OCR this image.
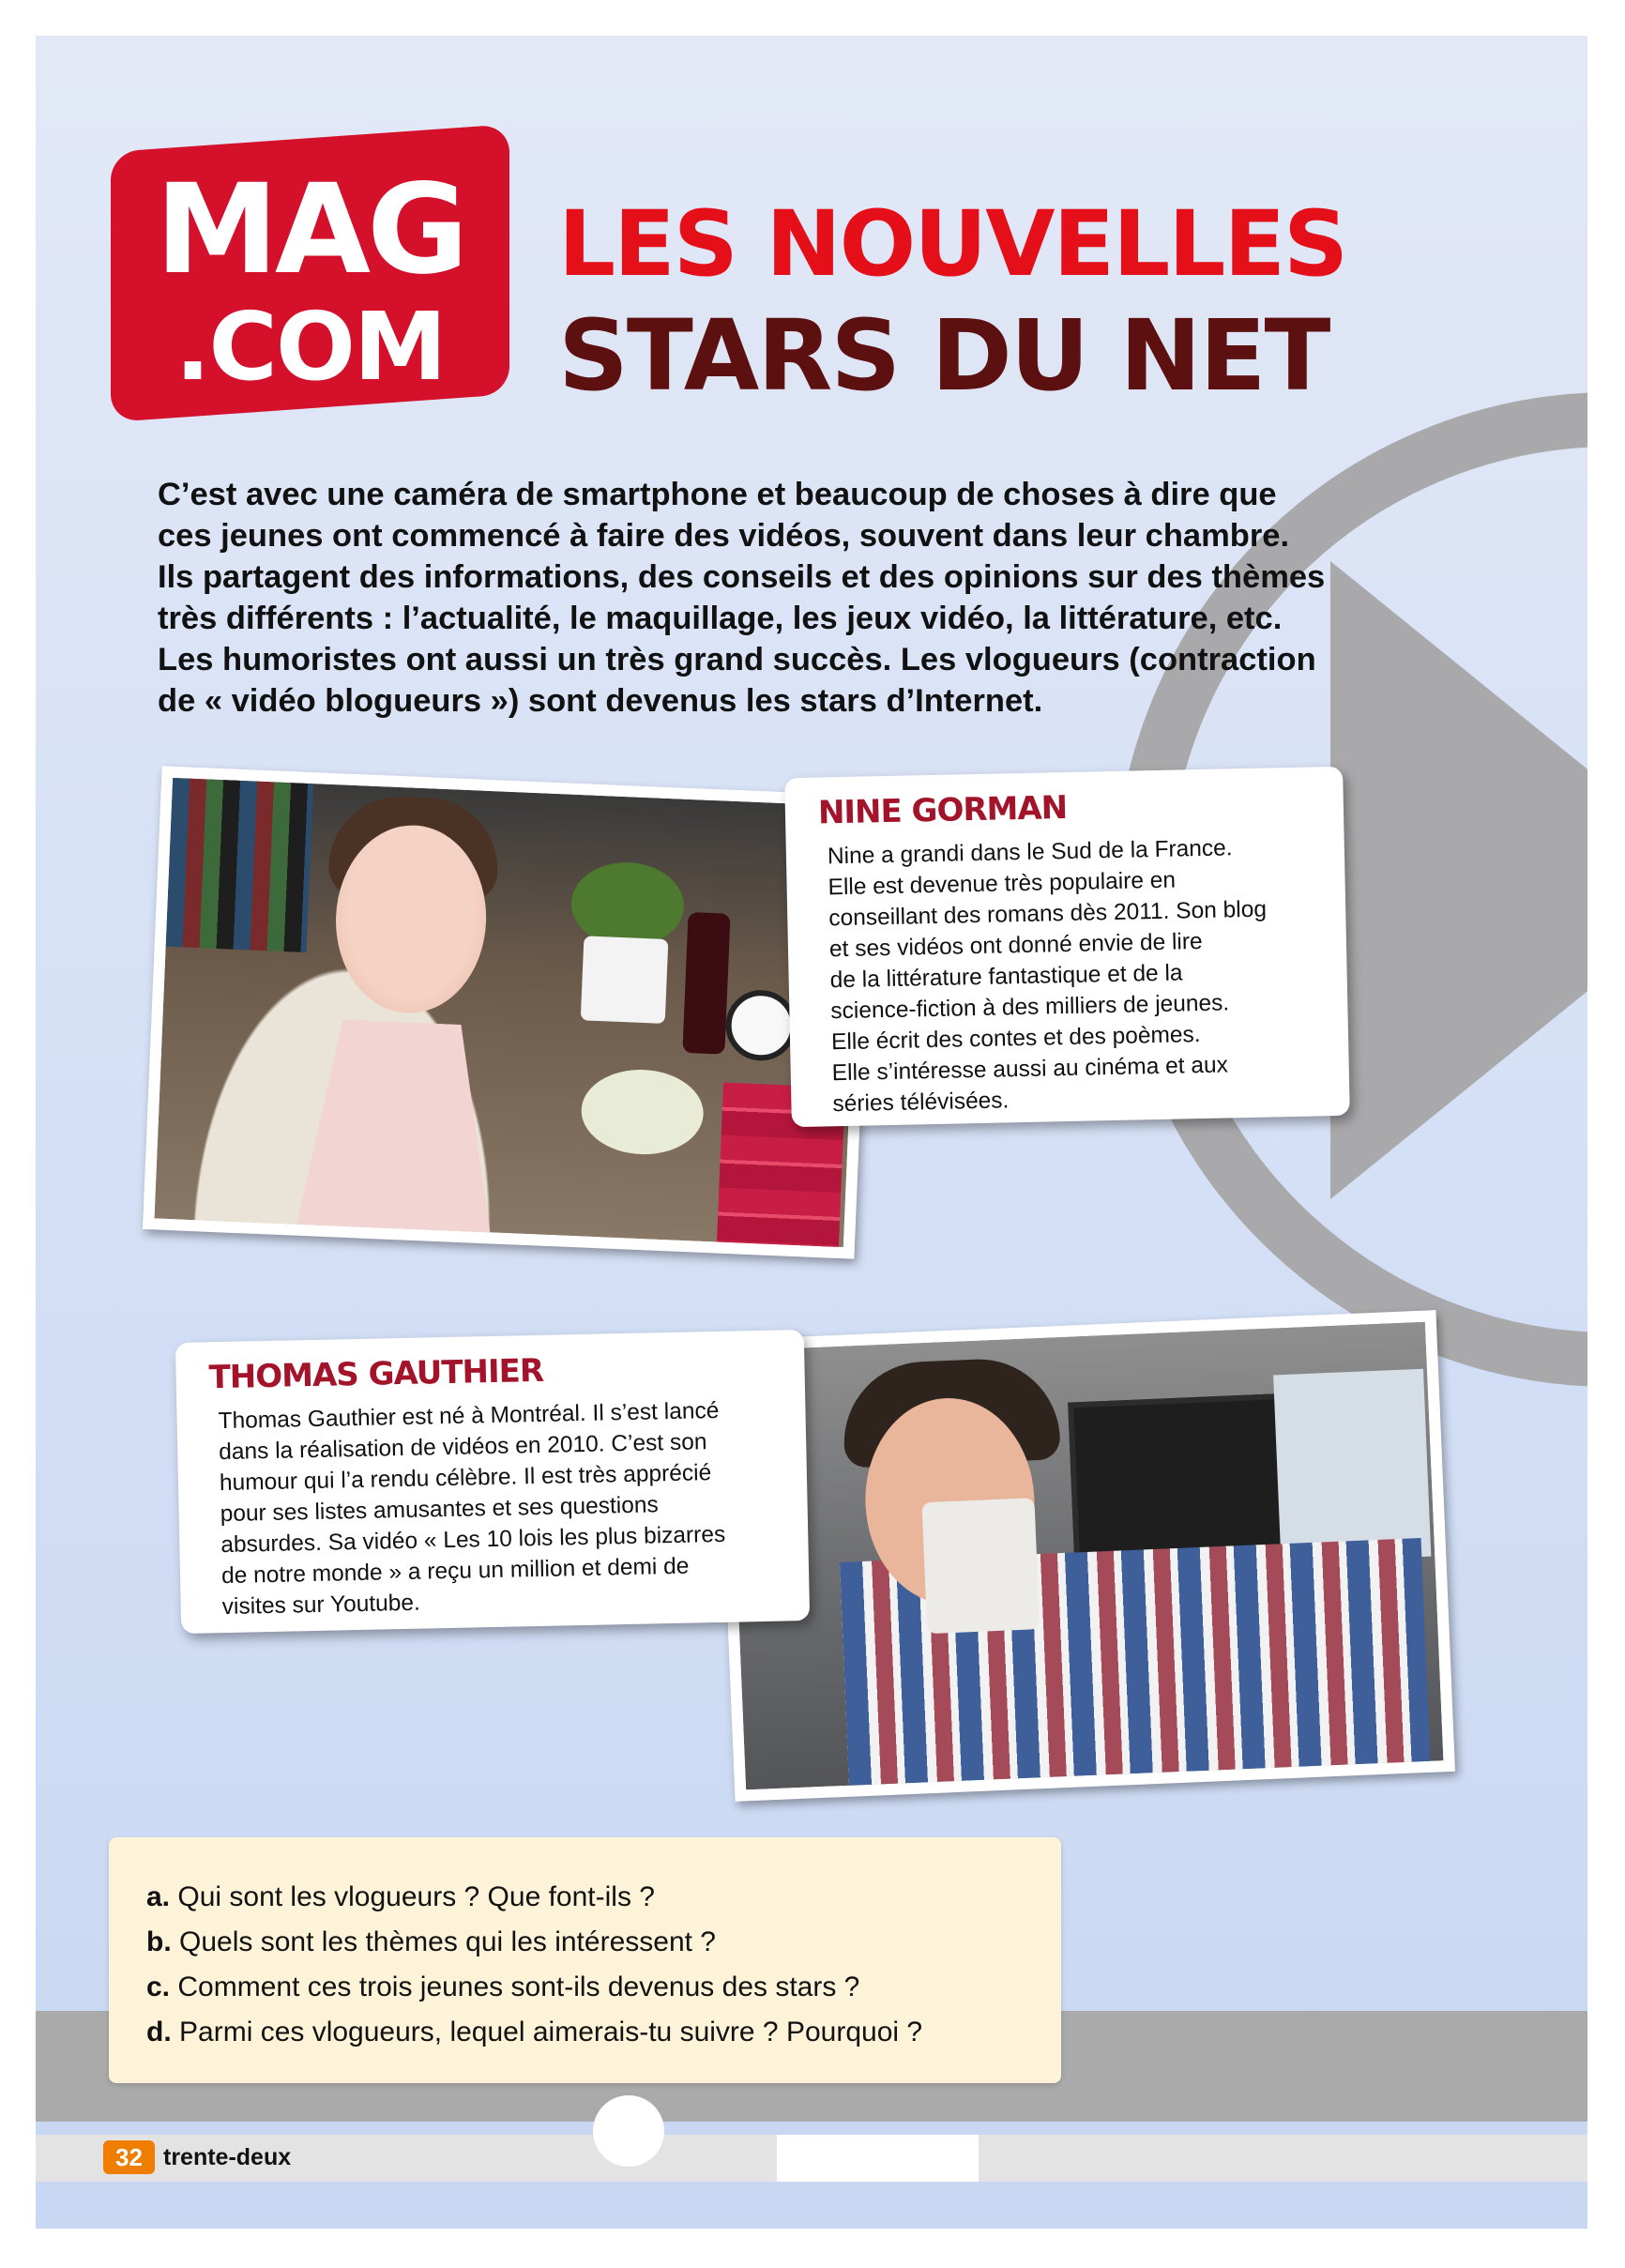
MAG
.COM
LES NOUVELLES
STARS DU NET
C’est avec une caméra de smartphone et beaucoup de choses à dire que
ces jeunes ont commencé à faire des vidéos, souvent dans leur chambre.
Ils partagent des informations, des conseils et des opinions sur des thèmes
très différents : l’actualité, le maquillage, les jeux vidéo, la littérature, etc.
Les humoristes ont aussi un très grand succès. Les vlogueurs (contraction
de « vidéo blogueurs ») sont devenus les stars d’Internet.
NINE GORMAN
Nine a grandi dans le Sud de la France.
Elle est devenue très populaire en
conseillant des romans dès 2011. Son blog
et ses vidéos ont donné envie de lire
de la littérature fantastique et de la
science-fiction à des milliers de jeunes.
Elle écrit des contes et des poèmes.
Elle s’intéresse aussi au cinéma et aux
séries télévisées.
THOMAS GAUTHIER
Thomas Gauthier est né à Montréal. Il s’est lancé
dans la réalisation de vidéos en 2010. C’est son
humour qui l’a rendu célèbre. Il est très apprécié
pour ses listes amusantes et ses questions
absurdes. Sa vidéo « Les 10 lois les plus bizarres
de notre monde » a reçu un million et demi de
visites sur Youtube.
a. Qui sont les vlogueurs ? Que font-ils ?
b. Quels sont les thèmes qui les intéressent ?
c. Comment ces trois jeunes sont-ils devenus des stars ?
d. Parmi ces vlogueurs, lequel aimerais-tu suivre ? Pourquoi ?
32 trente-deux
